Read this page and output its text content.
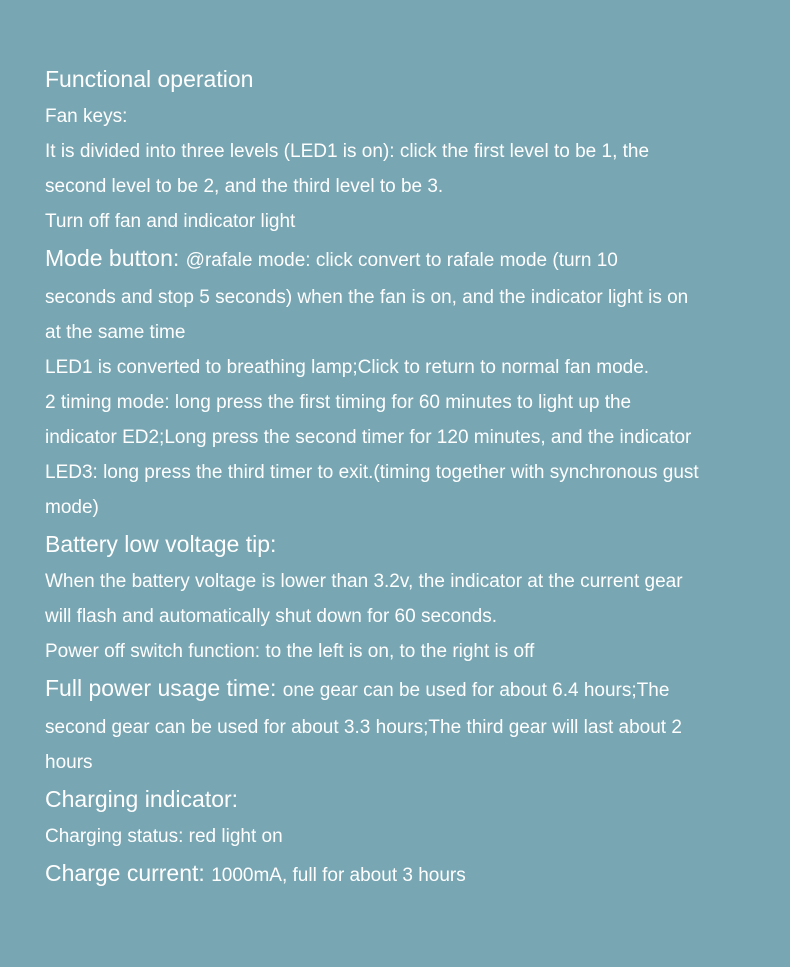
Functional operation
Fan keys:
It is divided into three levels (LED1 is on): click the first level to be 1, the
second level to be 2, and the third level to be 3.
Turn off fan and indicator light
Mode button: @rafale mode: click convert to rafale mode (turn 10
seconds and stop 5 seconds) when the fan is on, and the indicator light is on
at the same time
LED1 is converted to breathing lamp;Click to return to normal fan mode.
2 timing mode: long press the first timing for 60 minutes to light up the
indicator ED2;Long press the second timer for 120 minutes, and the indicator
LED3: long press the third timer to exit.(timing together with synchronous gust
mode)
Battery low voltage tip:
When the battery voltage is lower than 3.2v, the indicator at the current gear
will flash and automatically shut down for 60 seconds.
Power off switch function: to the left is on, to the right is off
Full power usage time: one gear can be used for about 6.4 hours;The
second gear can be used for about 3.3 hours;The third gear will last about 2
hours
Charging indicator:
Charging status: red light on
Charge current: 1000mA, full for about 3 hours
